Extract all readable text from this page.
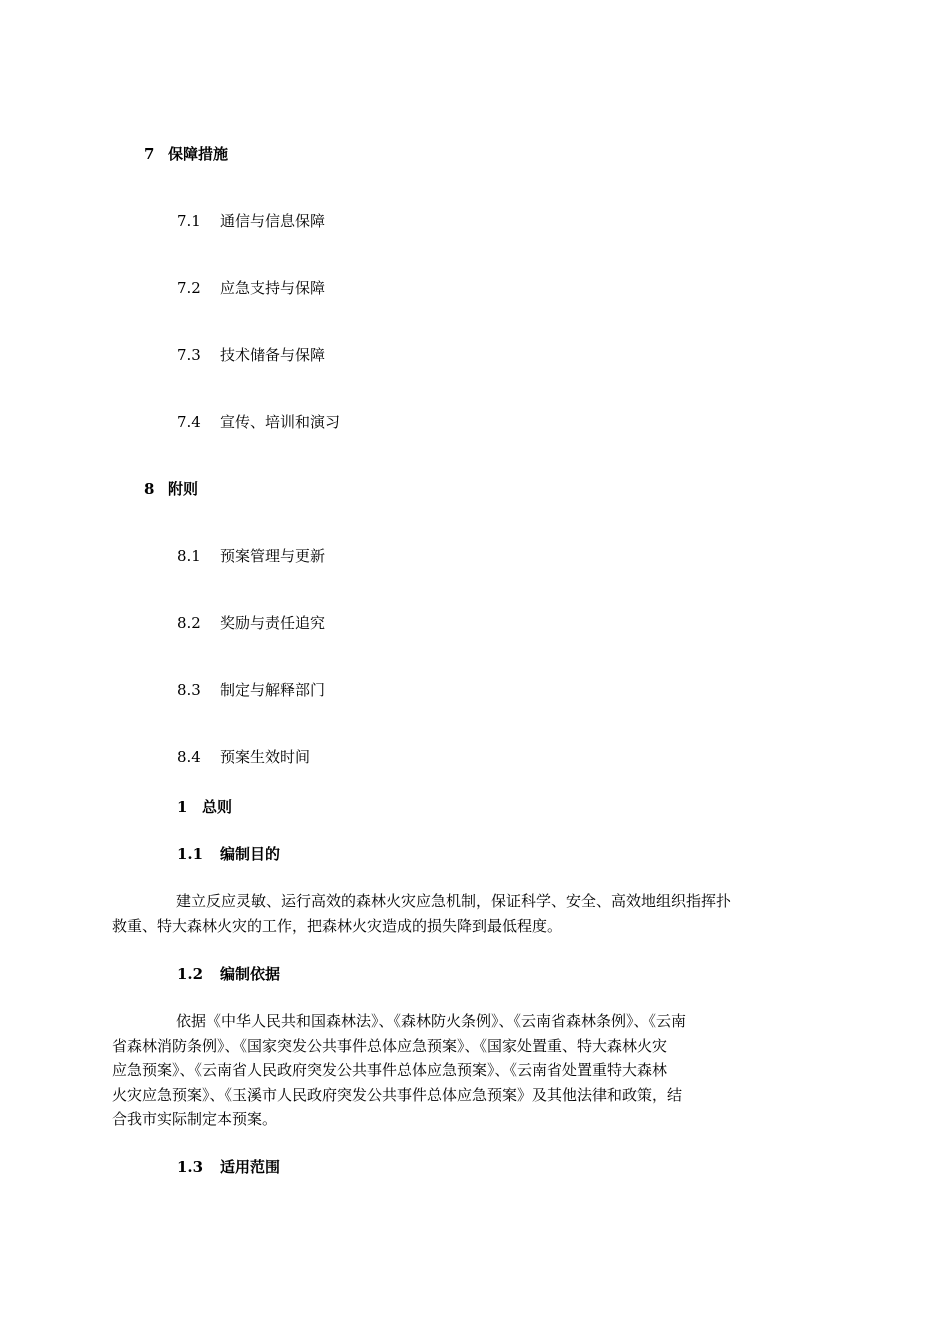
7 保障措施
7.1 通信与信息保障
7.2 应急支持与保障
7.3 技术储备与保障
7.4 宣传、培训和演习
8 附则
8.1 预案管理与更新
8.2 奖励与责任追究
8.3 制定与解释部门
8.4 预案生效时间
1 总则
1.1 编制目的
建立反应灵敏、运行高效的森林火灾应急机制，保证科学、安全、高效地组织指挥扑
救重、特大森林火灾的工作，把森林火灾造成的损失降到最低程度。
1.2 编制依据
依据《中华人民共和国森林法》、《森林防火条例》、《云南省森林条例》、《云南
省森林消防条例》、《国家突发公共事件总体应急预案》、《国家处置重、特大森林火灾
应急预案》、《云南省人民政府突发公共事件总体应急预案》、《云南省处置重特大森林
火灾应急预案》、《玉溪市人民政府突发公共事件总体应急预案》及其他法律和政策，结
合我市实际制定本预案。
1.3 适用范围
